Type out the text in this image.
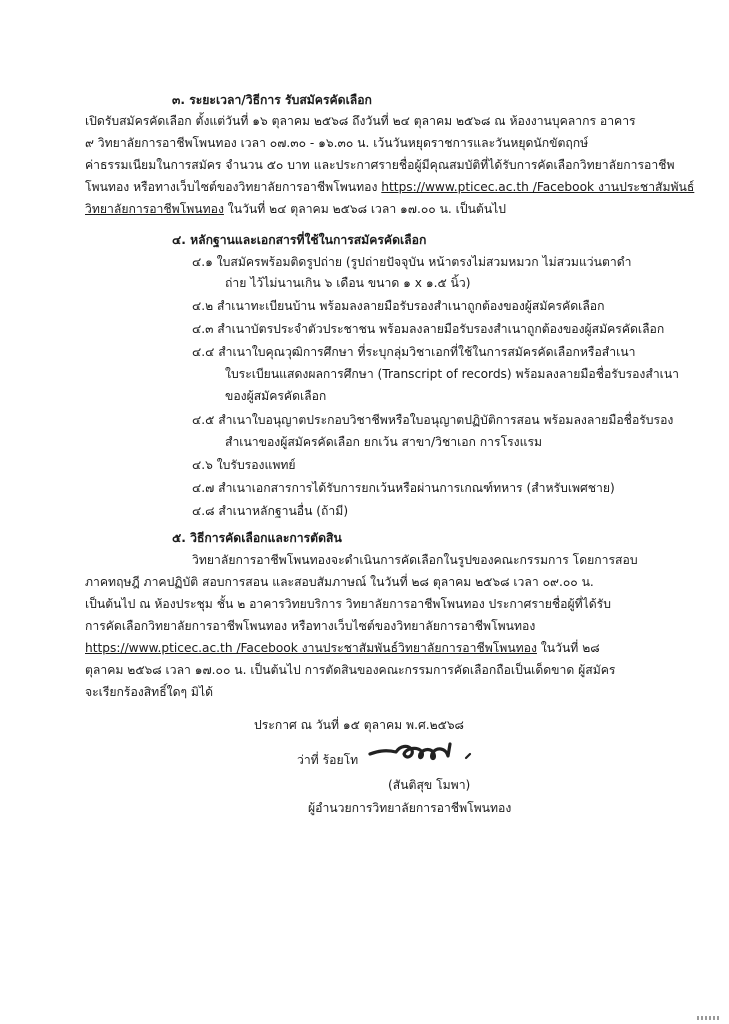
๓. ระยะเวลา/วิธีการ รับสมัครคัดเลือก
เปิดรับสมัครคัดเลือก ตั้งแต่วันที่ ๑๖ ตุลาคม ๒๕๖๘ ถึงวันที่ ๒๔ ตุลาคม ๒๕๖๘ ณ ห้องงานบุคลากร อาคาร
๙ วิทยาลัยการอาชีพโพนทอง เวลา ๐๗.๓๐ - ๑๖.๓๐ น. เว้นวันหยุดราชการและวันหยุดนักขัตฤกษ์
ค่าธรรมเนียมในการสมัคร จำนวน ๕๐ บาท และประกาศรายชื่อผู้มีคุณสมบัติที่ได้รับการคัดเลือกวิทยาลัยการอาชีพ
โพนทอง หรือทางเว็บไซต์ของวิทยาลัยการอาชีพโพนทอง https://www.pticec.ac.th /Facebook งานประชาสัมพันธ์
วิทยาลัยการอาชีพโพนทอง ในวันที่ ๒๔ ตุลาคม ๒๕๖๘ เวลา ๑๗.๐๐ น. เป็นต้นไป
๔. หลักฐานและเอกสารที่ใช้ในการสมัครคัดเลือก
๔.๑ ใบสมัครพร้อมติดรูปถ่าย (รูปถ่ายปัจจุบัน หน้าตรงไม่สวมหมวก ไม่สวมแว่นตาดำ
ถ่าย ไว้ไม่นานเกิน ๖ เดือน ขนาด ๑ x ๑.๕ นิ้ว)
๔.๒ สำเนาทะเบียนบ้าน พร้อมลงลายมือรับรองสำเนาถูกต้องของผู้สมัครคัดเลือก
๔.๓ สำเนาบัตรประจำตัวประชาชน พร้อมลงลายมือรับรองสำเนาถูกต้องของผู้สมัครคัดเลือก
๔.๔ สำเนาใบคุณวุฒิการศึกษา ที่ระบุกลุ่มวิชาเอกที่ใช้ในการสมัครคัดเลือกหรือสำเนา
ใบระเบียนแสดงผลการศึกษา (Transcript of records) พร้อมลงลายมือชื่อรับรองสำเนา
ของผู้สมัครคัดเลือก
๔.๕ สำเนาใบอนุญาตประกอบวิชาชีพหรือใบอนุญาตปฏิบัติการสอน พร้อมลงลายมือชื่อรับรอง
สำเนาของผู้สมัครคัดเลือก ยกเว้น สาขา/วิชาเอก การโรงแรม
๔.๖ ใบรับรองแพทย์
๔.๗ สำเนาเอกสารการได้รับการยกเว้นหรือผ่านการเกณฑ์ทหาร (สำหรับเพศชาย)
๔.๘ สำเนาหลักฐานอื่น (ถ้ามี)
๕. วิธีการคัดเลือกและการตัดสิน
วิทยาลัยการอาชีพโพนทองจะดำเนินการคัดเลือกในรูปของคณะกรรมการ โดยการสอบ
ภาคทฤษฎี ภาคปฏิบัติ สอบการสอน และสอบสัมภาษณ์ ในวันที่ ๒๘ ตุลาคม ๒๕๖๘ เวลา ๐๙.๐๐ น.
เป็นต้นไป ณ ห้องประชุม ชั้น ๒ อาคารวิทยบริการ วิทยาลัยการอาชีพโพนทอง ประกาศรายชื่อผู้ที่ได้รับ
การคัดเลือกวิทยาลัยการอาชีพโพนทอง หรือทางเว็บไซต์ของวิทยาลัยการอาชีพโพนทอง
https://www.pticec.ac.th /Facebook งานประชาสัมพันธ์วิทยาลัยการอาชีพโพนทอง ในวันที่ ๒๘
ตุลาคม ๒๕๖๘ เวลา ๑๗.๐๐ น. เป็นต้นไป การตัดสินของคณะกรรมการคัดเลือกถือเป็นเด็ดขาด ผู้สมัคร
จะเรียกร้องสิทธิ์ใดๆ มิได้
ประกาศ ณ วันที่ ๑๕ ตุลาคม พ.ศ.๒๕๖๘
ว่าที่ ร้อยโท
(สันติสุข โมพา)
ผู้อำนวยการวิทยาลัยการอาชีพโพนทอง
